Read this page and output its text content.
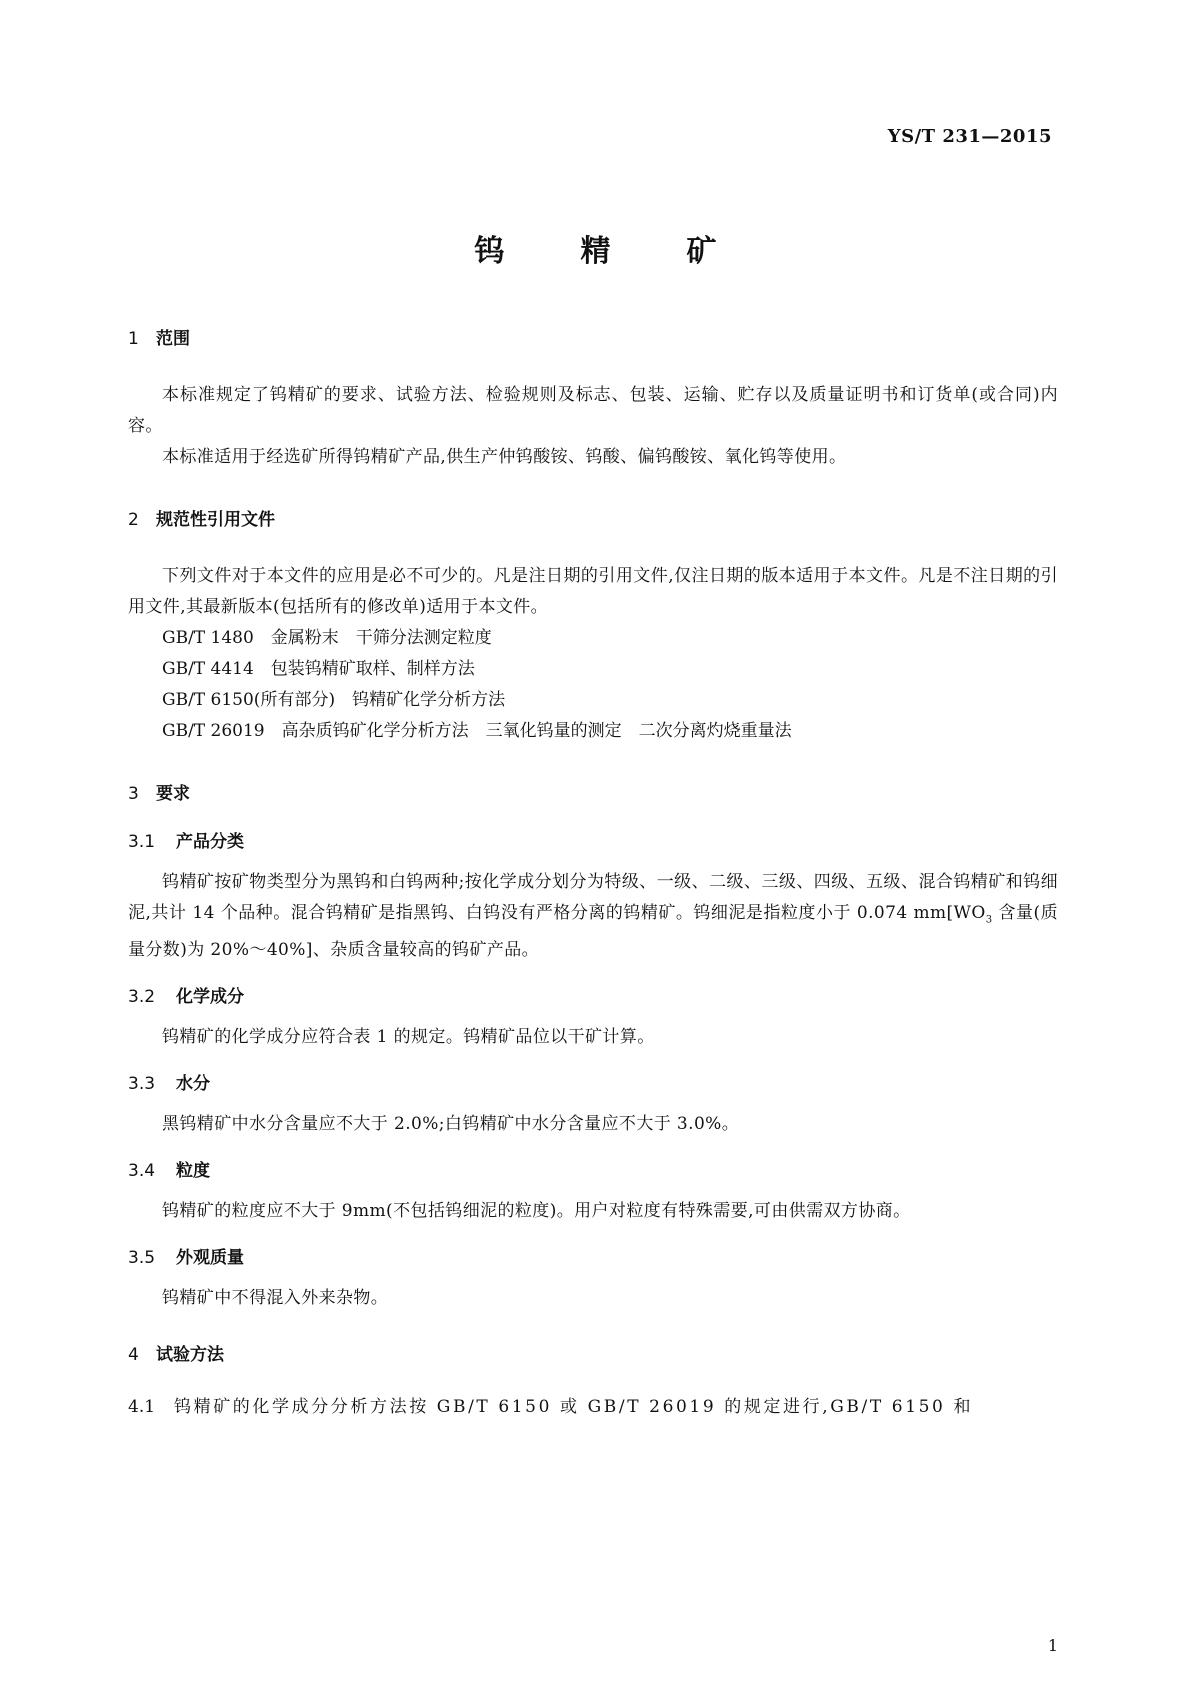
YS/T 231—2015
钨	精	矿
1 范围

本标准规定了钨精矿的要求、试验方法、检验规则及标志、包装、运输、贮存以及质量证明书和订货单(或合同)内容。

本标准适用于经选矿所得钨精矿产品,供生产仲钨酸铵、钨酸、偏钨酸铵、氧化钨等使用。

2 规范性引用文件

下列文件对于本文件的应用是必不可少的。凡是注日期的引用文件,仅注日期的版本适用于本文件。凡是不注日期的引用文件,其最新版本(包括所有的修改单)适用于本文件。

GB/T 1480　金属粉末　干筛分法测定粒度

GB/T 4414　包装钨精矿取样、制样方法

GB/T 6150(所有部分)　钨精矿化学分析方法

GB/T 26019　高杂质钨矿化学分析方法　三氧化钨量的测定　二次分离灼烧重量法

3 要求
3.1 产品分类

钨精矿按矿物类型分为黑钨和白钨两种;按化学成分划分为特级、一级、二级、三级、四级、五级、混合钨精矿和钨细泥,共计 14 个品种。混合钨精矿是指黑钨、白钨没有严格分离的钨精矿。钨细泥是指粒度小于 0.074 $mm[WO_3$ 含量(质量分数)为 20%～40%]、杂质含量较高的钨矿产品。

3.2 化学成分

钨精矿的化学成分应符合表 1 的规定。钨精矿品位以干矿计算。

3.3 水分

黑钨精矿中水分含量应不大于 2.0%;白钨精矿中水分含量应不大于 3.0%。

3.4 粒度

钨精矿的粒度应不大于 9mm(不包括钨细泥的粒度)。用户对粒度有特殊需要,可由供需双方协商。

3.5 外观质量

钨精矿中不得混入外来杂物。

4 试验方法

4.1 钨精矿的化学成分分析方法按 GB/T 6150 或 GB/T 26019 的规定进行,GB/T 6150 和

1
